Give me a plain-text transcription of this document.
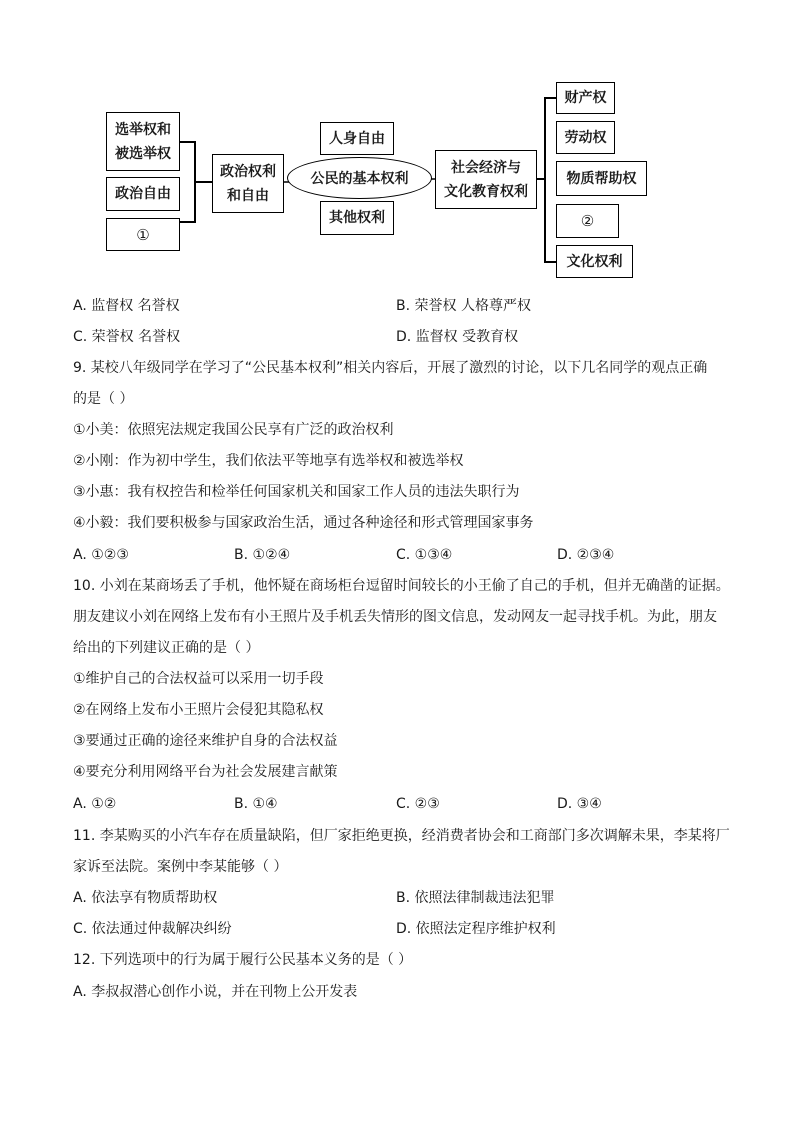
选举权和
被选举权
政治自由
①
政治权利
和自由
人身自由
公民的基本权利
其他权利
社会经济与
文化教育权利
财产权
劳动权
物质帮助权
②
文化权利
A. 监督权 名誉权	B. 荣誉权 人格尊严权
C. 荣誉权 名誉权	D. 监督权 受教育权
9. 某校八年级同学在学习了“公民基本权利”相关内容后，开展了激烈的讨论，以下几名同学的观点正确
的是（ ）
①小美：依照宪法规定我国公民享有广泛的政治权利
②小刚：作为初中学生，我们依法平等地享有选举权和被选举权
③小惠：我有权控告和检举任何国家机关和国家工作人员的违法失职行为
④小毅：我们要积极参与国家政治生活，通过各种途径和形式管理国家事务
A. ①②③	B. ①②④	C. ①③④	D. ②③④
10. 小刘在某商场丢了手机，他怀疑在商场柜台逗留时间较长的小王偷了自己的手机，但并无确凿的证据。
朋友建议小刘在网络上发布有小王照片及手机丢失情形的图文信息，发动网友一起寻找手机。为此，朋友
给出的下列建议正确的是（ ）
①维护自己的合法权益可以采用一切手段
②在网络上发布小王照片会侵犯其隐私权
③要通过正确的途径来维护自身的合法权益
④要充分利用网络平台为社会发展建言献策
A. ①②	B. ①④	C. ②③	D. ③④
11. 李某购买的小汽车存在质量缺陷，但厂家拒绝更换，经消费者协会和工商部门多次调解未果，李某将厂
家诉至法院。案例中李某能够（ ）
A. 依法享有物质帮助权	B. 依照法律制裁违法犯罪
C. 依法通过仲裁解决纠纷	D. 依照法定程序维护权利
12. 下列选项中的行为属于履行公民基本义务的是（ ）
A. 李叔叔潜心创作小说，并在刊物上公开发表
